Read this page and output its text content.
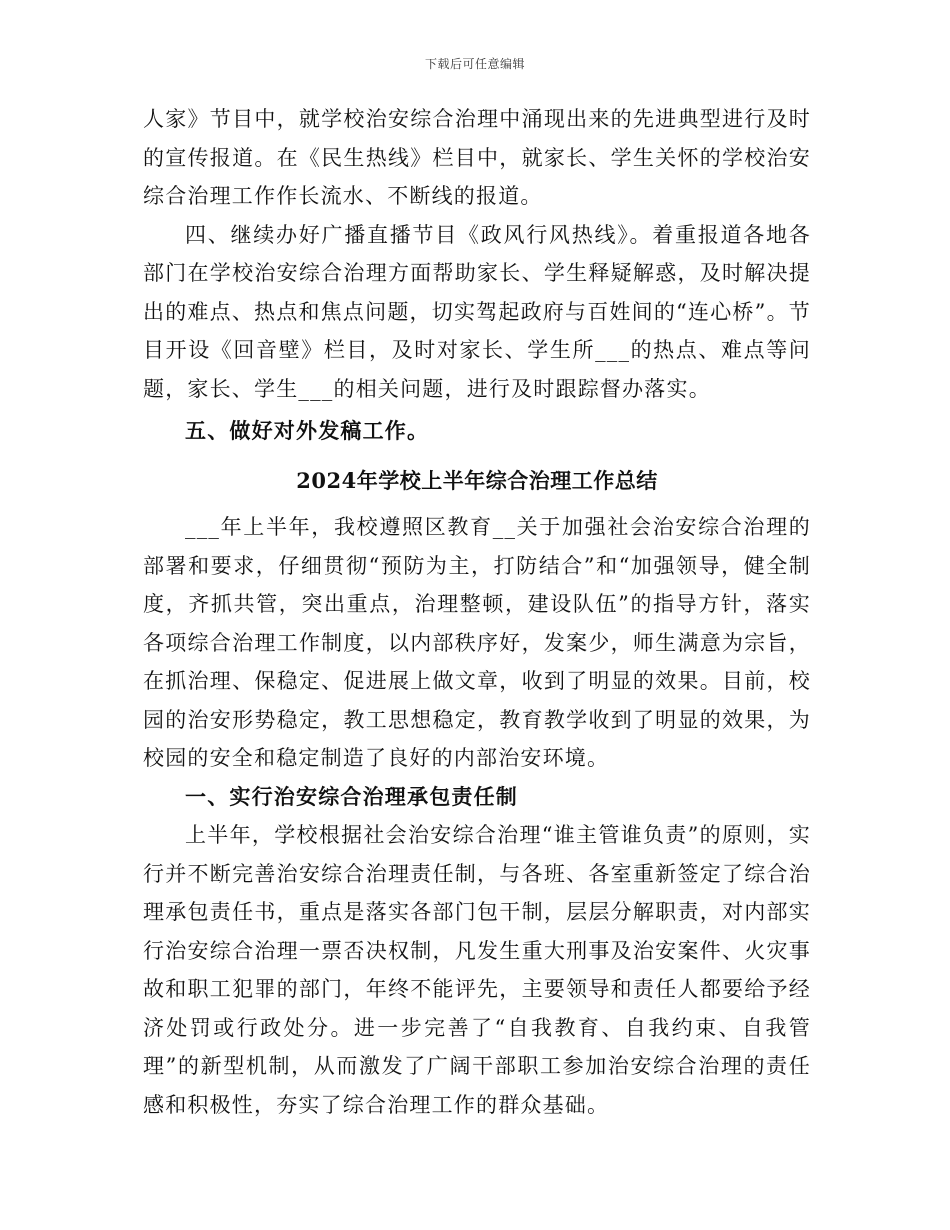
下载后可任意编辑

人家》节目中，就学校治安综合治理中涌现出来的先进典型进行及时的宣传报道。在《民生热线》栏目中，就家长、学生关怀的学校治安综合治理工作作长流水、不断线的报道。

四、继续办好广播直播节目《政风行风热线》。着重报道各地各部门在学校治安综合治理方面帮助家长、学生释疑解惑，及时解决提出的难点、热点和焦点问题，切实驾起政府与百姓间的“连心桥”。节目开设《回音壁》栏目，及时对家长、学生所___的热点、难点等问题，家长、学生___的相关问题，进行及时跟踪督办落实。

五、做好对外发稿工作。

2024年学校上半年综合治理工作总结

___年上半年，我校遵照区教育__关于加强社会治安综合治理的部署和要求，仔细贯彻“预防为主，打防结合”和“加强领导，健全制度，齐抓共管，突出重点，治理整顿，建设队伍”的指导方针，落实各项综合治理工作制度，以内部秩序好，发案少，师生满意为宗旨，在抓治理、保稳定、促进展上做文章，收到了明显的效果。目前，校园的治安形势稳定，教工思想稳定，教育教学收到了明显的效果，为校园的安全和稳定制造了良好的内部治安环境。

一、实行治安综合治理承包责任制

上半年，学校根据社会治安综合治理“谁主管谁负责”的原则，实行并不断完善治安综合治理责任制，与各班、各室重新签定了综合治理承包责任书，重点是落实各部门包干制，层层分解职责，对内部实行治安综合治理一票否决权制，凡发生重大刑事及治安案件、火灾事故和职工犯罪的部门，年终不能评先，主要领导和责任人都要给予经济处罚或行政处分。进一步完善了“自我教育、自我约束、自我管理”的新型机制，从而激发了广阔干部职工参加治安综合治理的责任感和积极性，夯实了综合治理工作的群众基础。
